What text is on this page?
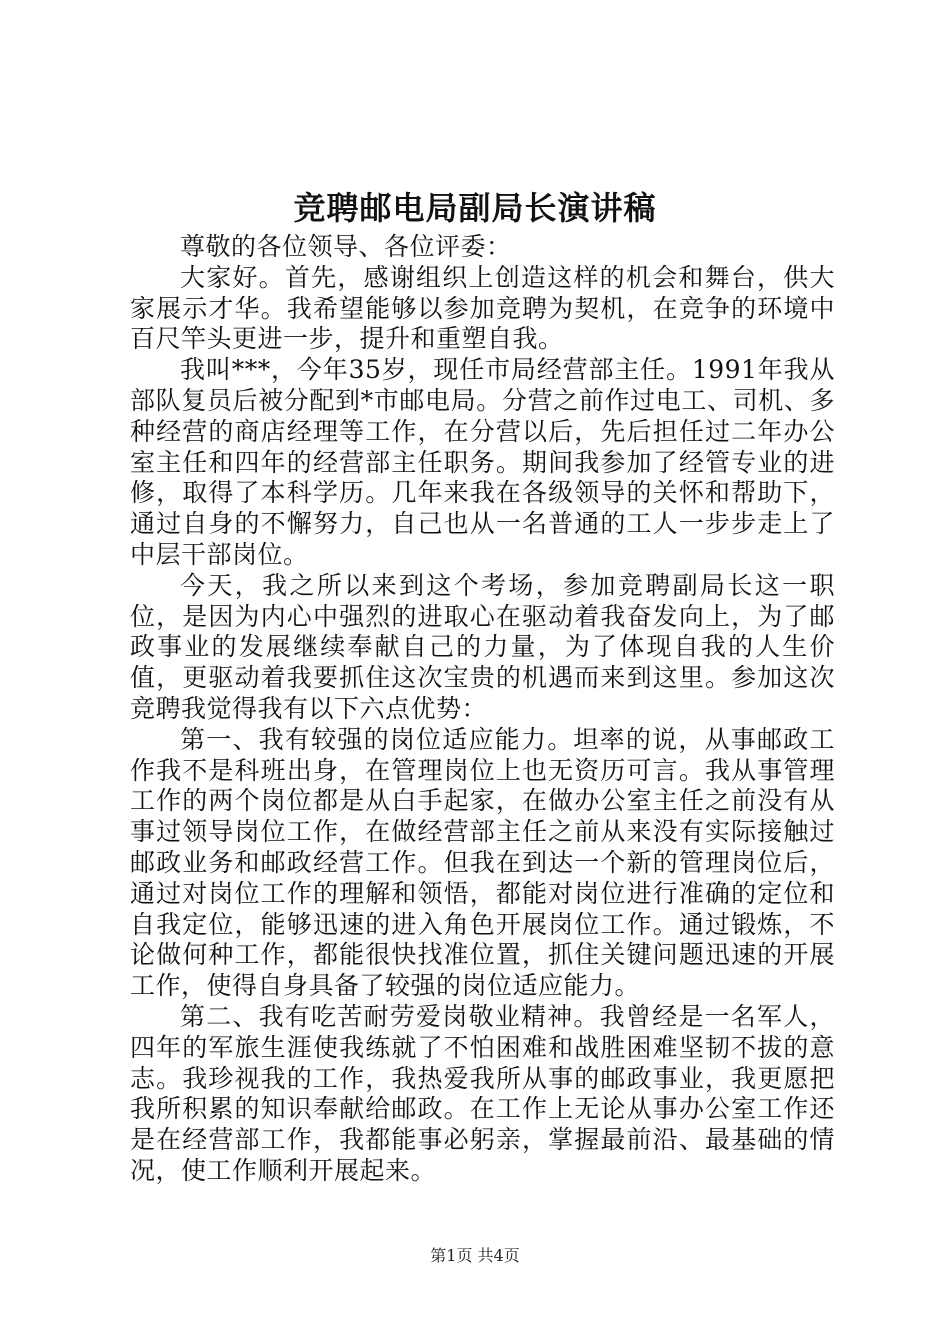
竞聘邮电局副局长演讲稿

尊敬的各位领导、各位评委：

大家好。首先，感谢组织上创造这样的机会和舞台，供大家展示才华。我希望能够以参加竞聘为契机，在竞争的环境中百尺竿头更进一步，提升和重塑自我。

我叫***，今年35岁，现任市局经营部主任。1991年我从部队复员后被分配到*市邮电局。分营之前作过电工、司机、多种经营的商店经理等工作，在分营以后，先后担任过二年办公室主任和四年的经营部主任职务。期间我参加了经管专业的进修，取得了本科学历。几年来我在各级领导的关怀和帮助下，通过自身的不懈努力，自己也从一名普通的工人一步步走上了中层干部岗位。

今天，我之所以来到这个考场，参加竞聘副局长这一职位，是因为内心中强烈的进取心在驱动着我奋发向上，为了邮政事业的发展继续奉献自己的力量，为了体现自我的人生价值，更驱动着我要抓住这次宝贵的机遇而来到这里。参加这次竞聘我觉得我有以下六点优势：

第一、我有较强的岗位适应能力。坦率的说，从事邮政工作我不是科班出身，在管理岗位上也无资历可言。我从事管理工作的两个岗位都是从白手起家，在做办公室主任之前没有从事过领导岗位工作，在做经营部主任之前从来没有实际接触过邮政业务和邮政经营工作。但我在到达一个新的管理岗位后，通过对岗位工作的理解和领悟，都能对岗位进行准确的定位和自我定位，能够迅速的进入角色开展岗位工作。通过锻炼，不论做何种工作，都能很快找准位置，抓住关键问题迅速的开展工作，使得自身具备了较强的岗位适应能力。

第二、我有吃苦耐劳爱岗敬业精神。我曾经是一名军人，四年的军旅生涯使我练就了不怕困难和战胜困难坚韧不拔的意志。我珍视我的工作，我热爱我所从事的邮政事业，我更愿把我所积累的知识奉献给邮政。在工作上无论从事办公室工作还是在经营部工作，我都能事必躬亲，掌握最前沿、最基础的情况，使工作顺利开展起来。

第1页 共4页
